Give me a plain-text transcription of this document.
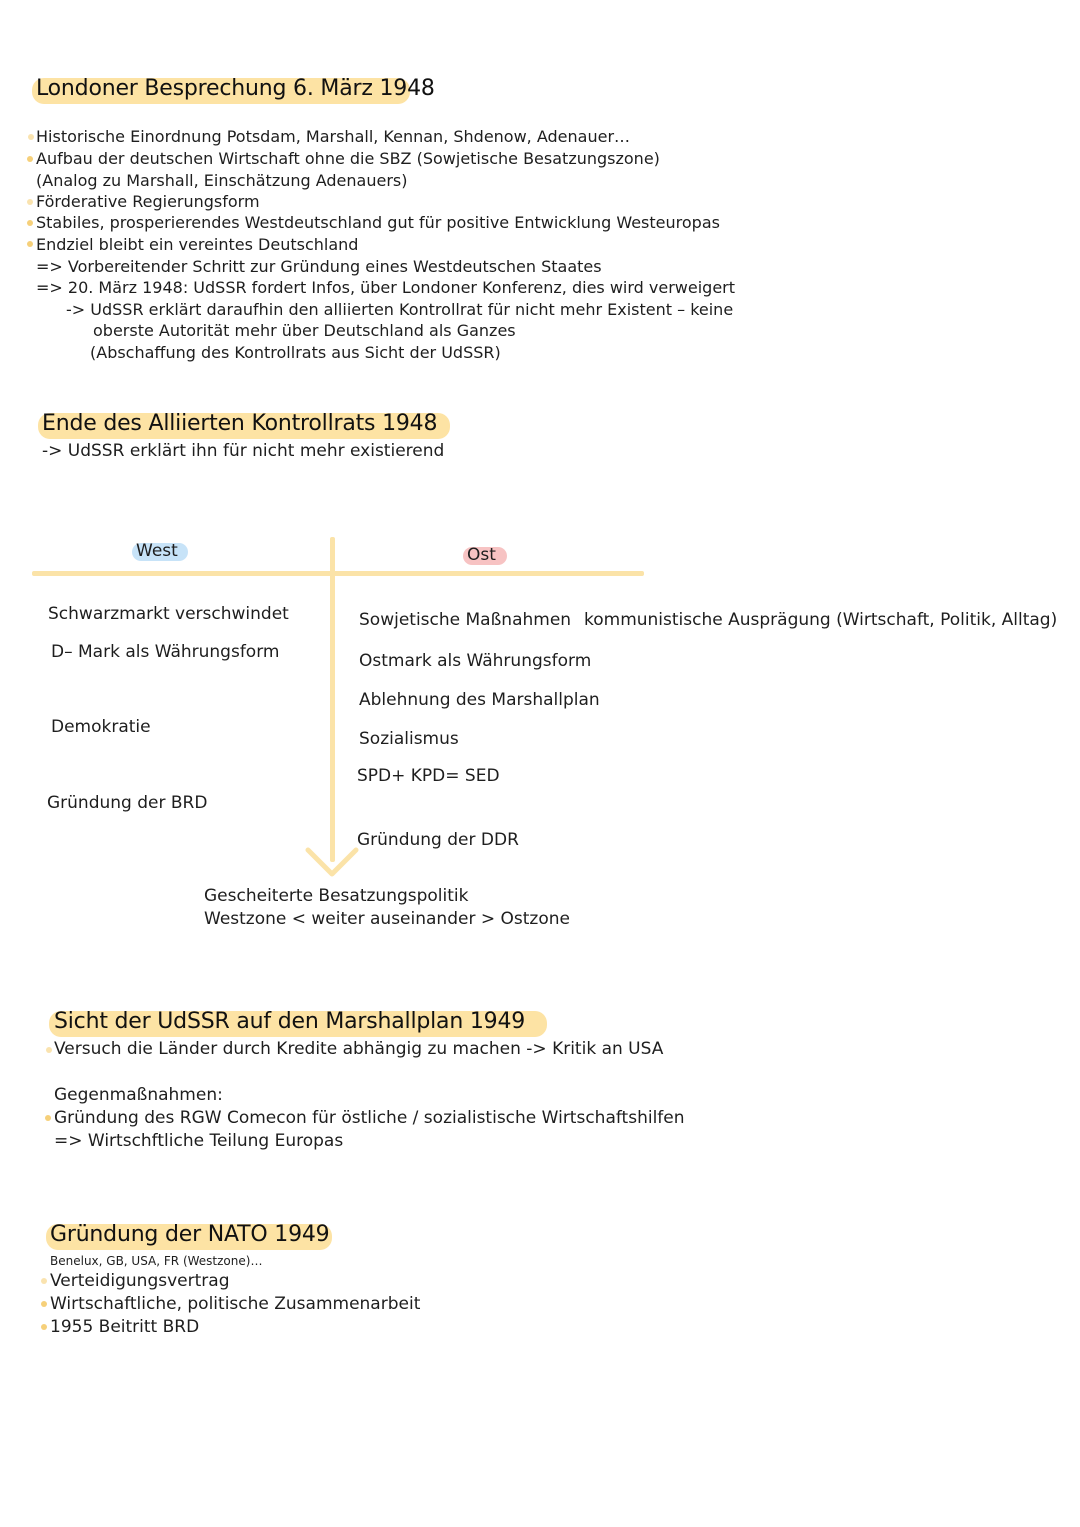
Londoner Besprechung 6. März 1948
Historische Einordnung Potsdam, Marshall, Kennan, Shdenow, Adenauer…
Aufbau der deutschen Wirtschaft ohne die SBZ (Sowjetische Besatzungszone)
(Analog zu Marshall, Einschätzung Adenauers)
Förderative Regierungsform
Stabiles, prosperierendes Westdeutschland gut für positive Entwicklung Westeuropas
Endziel bleibt ein vereintes Deutschland
=> Vorbereitender Schritt zur Gründung eines Westdeutschen Staates
=> 20. März 1948: UdSSR fordert Infos, über Londoner Konferenz, dies wird verweigert
-> UdSSR erklärt daraufhin den alliierten Kontrollrat für nicht mehr Existent – keine
oberste Autorität mehr über Deutschland als Ganzes
(Abschaffung des Kontrollrats aus Sicht der UdSSR)
Ende des Alliierten Kontrollrats 1948
-> UdSSR erklärt ihn für nicht mehr existierend
West	Ost
Schwarzmarkt verschwindet
D– Mark als Währungsform
Demokratie
Gründung der BRD
Sowjetische Maßnahmen kommunistische Ausprägung (Wirtschaft, Politik, Alltag)
Ostmark als Währungsform
Ablehnung des Marshallplan
Sozialismus
SPD+ KPD= SED
Gründung der DDR
Gescheiterte Besatzungspolitik
Westzone < weiter auseinander > Ostzone
Sicht der UdSSR auf den Marshallplan 1949
Versuch die Länder durch Kredite abhängig zu machen -> Kritik an USA
Gegenmaßnahmen:
Gründung des RGW Comecon für östliche / sozialistische Wirtschaftshilfen
=> Wirtschftliche Teilung Europas
Gründung der NATO 1949
Benelux, GB, USA, FR (Westzone)…
Verteidigungsvertrag
Wirtschaftliche, politische Zusammenarbeit
1955 Beitritt BRD
